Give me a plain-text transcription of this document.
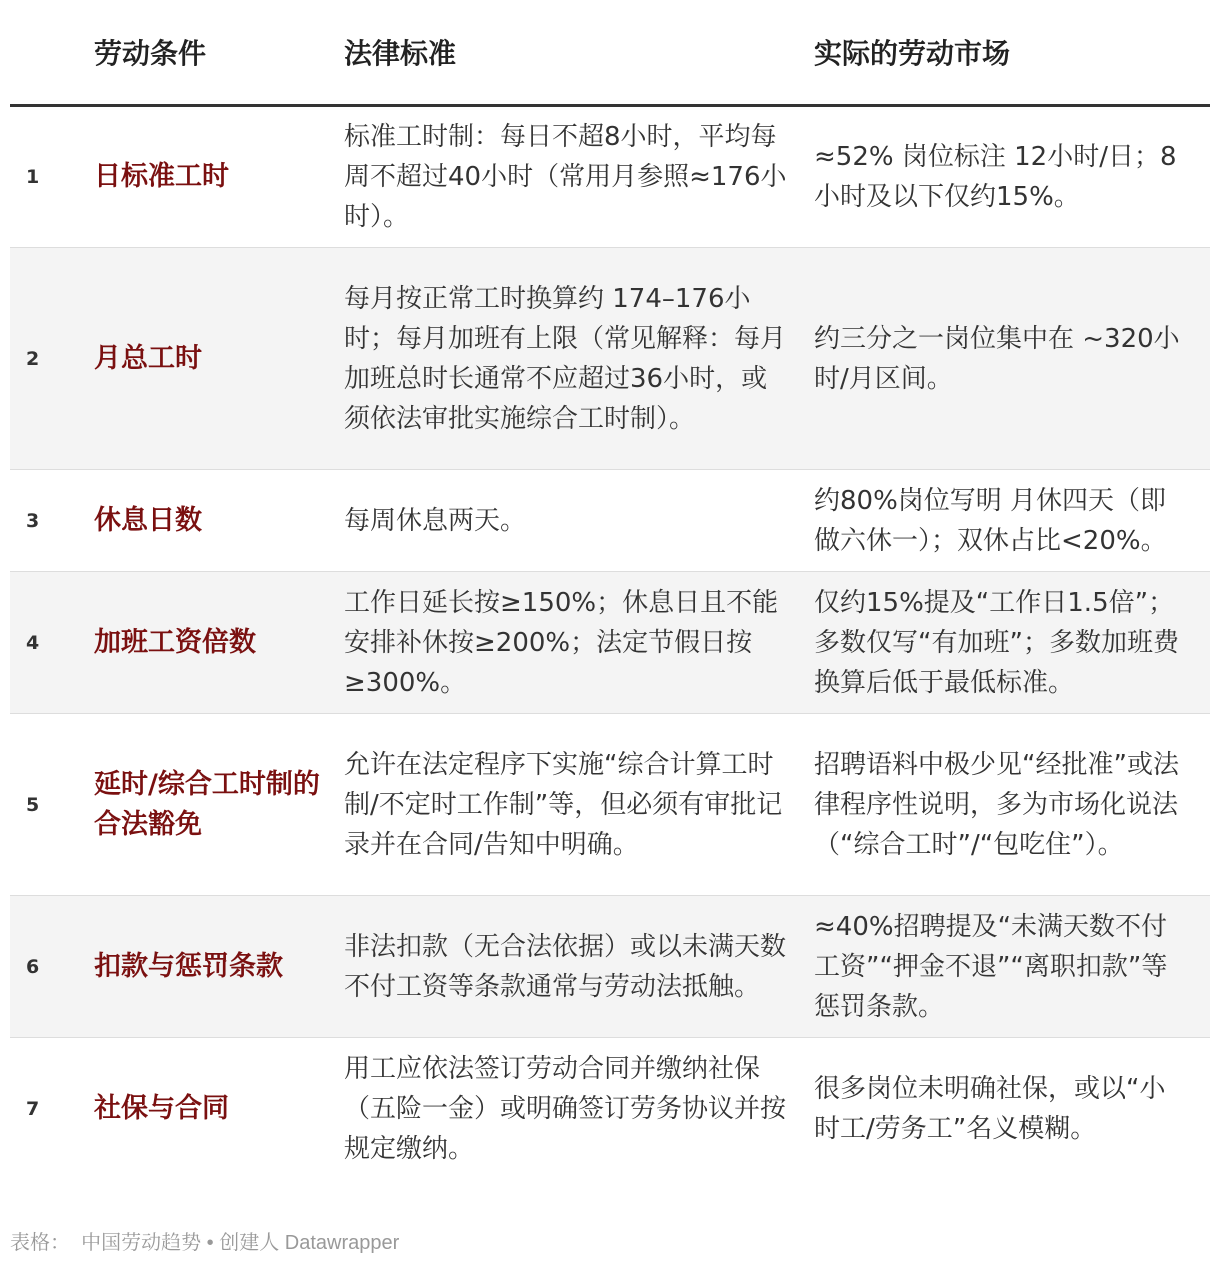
	劳动条件	法律标准	实际的劳动市场
1	日标准工时	标准工时制：每日不超8小时，平均每周不超过40小时（常用月参照≈176小时）。	≈52% 岗位标注 12小时/日；8小时及以下仅约15%。
2	月总工时	每月按正常工时换算约 174–176小时；每月加班有上限（常见解释：每月加班总时长通常不应超过36小时，或须依法审批实施综合工时制）。	约三分之一岗位集中在 ~320小时/月区间。
3	休息日数	每周休息两天。	约80%岗位写明 月休四天（即做六休一）；双休占比<20%。
4	加班工资倍数	工作日延长按≥150%；休息日且不能安排补休按≥200%；法定节假日按≥300%。	仅约15%提及“工作日1.5倍”；多数仅写“有加班”；多数加班费换算后低于最低标准。
5	延时/综合工时制的合法豁免	允许在法定程序下实施“综合计算工时制/不定时工作制”等，但必须有审批记录并在合同/告知中明确。	招聘语料中极少见“经批准”或法律程序性说明，多为市场化说法（“综合工时”/“包吃住”）。
6	扣款与惩罚条款	非法扣款（无合法依据）或以未满天数不付工资等条款通常与劳动法抵触。	≈40%招聘提及“未满天数不付工资”“押金不退”“离职扣款”等惩罚条款。
7	社保与合同	用工应依法签订劳动合同并缴纳社保（五险一金）或明确签订劳务协议并按规定缴纳。	很多岗位未明确社保，或以“小时工/劳务工”名义模糊。
表格： 中国劳动趋势 • 创建人 Datawrapper
